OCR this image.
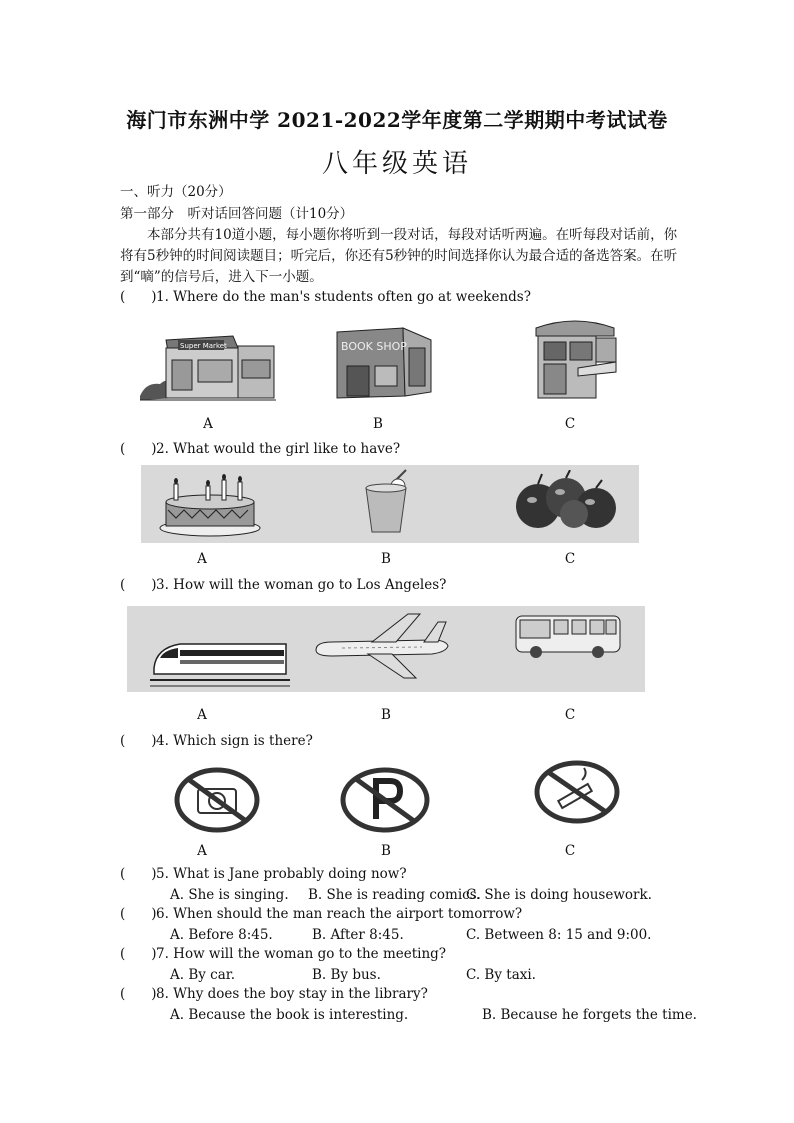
海门市东洲中学 2021-2022学年度第二学期期中考试试卷
八年级英语
一、听力（20分）
第一部分　听对话回答问题（计10分）
本部分共有10道小题，每小题你将听到一段对话，每段对话听两遍。在听每段对话前，你将有5秒钟的时间阅读题目；听完后，你还有5秒钟的时间选择你认为最合适的备选答案。在听到“嘀”的信号后，进入下一小题。
( )1. Where do the man's students often go at weekends?
Super Market	BOOK SHOP
A	B	C
( )2. What would the girl like to have?
A	B	C
( )3. How will the woman go to Los Angeles?
A	B	C
( )4. Which sign is there?
A	B	C
( )5. What is Jane probably doing now?
A. She is singing. B. She is reading comics.
C. She is doing housework.
( )6. When should the man reach the airport tomorrow?
A. Before 8:45.	B. After 8:45.	C. Between 8: 15 and 9:00.
( )7. How will the woman go to the meeting?
A. By car.	B. By bus.	C. By taxi.
( )8. Why does the boy stay in the library?
A. Because the book is interesting.	B. Because he forgets the time.
